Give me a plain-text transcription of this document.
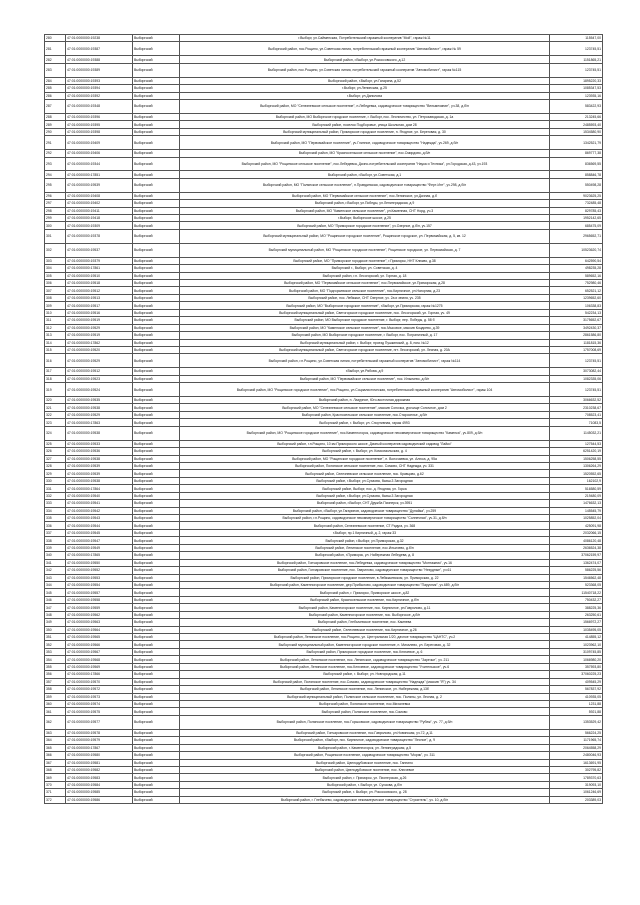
280	47:01:0000000:19238	Выборгский	г.Выборг, ул.Сайменская, Потребительский гаражный кооператив "Мой", гараж №11	115547,00
281	47:01:0000000:19387	Выборгский	Выборгский район, пос.Рощино, ул.Советская линия, потребительский гаражный кооператив "Автомобилист", гараж № 59	123745,51
282	47:01:0000000:19388	Выборгский	Выборгский район, г.Выборг, ул.Рокоссовского, д.12	1151865,21
283	47:01:0000000:19389	Выборгский	Выборгский район, пос.Рощино, ул.Советская линия, потребительский гаражный кооператив "Автомобилист", гараж №115	123745,51
284	47:01:0000000:19393	Выборгский	Выборгский район, г.Выборг, ул.Гагарина, д.52	1895220,33
285	47:01:0000000:19394	Выборгский	г.Выборг, ул.Ленинская, д.25	1085347,53
286	47:01:0000000:19392	Выборгский	г.Выборг, ул.Данилова	123935,16
287	47:01:0000000:19348	Выборгский	Выборгский район, МО "Селезневское сельское поселение", п.Лебедевка, садоводческое товарищество "Вельмезяние", уч.38, д.б/н	583422,93
288	47:01:0000000:19396	Выборгский	Выборгский район, МО Выборгское городское поселение, г. Выборг, пос. Лесничество, ул. Петрозаводская, д. 1а	213245,66
289	47:01:0000000:19395	Выборгский	Выборгский район, поселок Подборовье, улица Школьная, дом 28	2485593,40
290	47:01:0000000:19398	Выборгский	Выборгский муниципальный район, Приморское городское поселение, п. Ягодное, ул. Береговая, д. 30	1534580,90
291	47:01:0000000:19409	Выборгский	Выборгский район, МО "Первомайское поселение", уч.Глинное, садоводческое товарищество "Надежда", уч.269, д.б/н	1342521,79
292	47:01:0000000:19406	Выборгский	Выборгский район, МО "Красносельское сельское поселение", пос.Смирдово, д.б/н	869777,38
293	47:01:0000000:19344	Выборгский	Выборгский район, МО "Рощинское сельское поселение", пос.Лебедевка, Дачно-потребительский кооператив "Наука и Техника", ул.Городская, д.43, уч.193	836569,55
294	47:01:0000000:17851	Выборгский	Выборгский район, г.Выборг, ул.Советская, д.1	858846,78
295	47:01:0000000:19539	Выборгский	Выборгский район, МО "Полянское сельское поселение", п.Правдинская, садоводческое товарищество "Ферт-Инт", уч.298, д.б/н	550498,28
296	47:01:0000000:19408	Выборгский	Выборгский район, МО "Первомайское сельское поселение", пос.Ленинское, ул.Дачная, д.б	9023625,25
297	47:01:0000000:19402	Выборгский	Выборгский район, г.Выборг, ул.Победы, ул.Ленинградская, д.9	732485,48
298	47:01:0000000:19411	Выборгский	Выборгский район, МО "Каменское сельское поселение", ул.Каменная, СНТ Норд, уч.3	829785,43
299	47:01:0000000:19418	Выборгский	г.Выборг, Выборгское шоссе, д.25	1952142,65
300	47:01:0000000:19309	Выборгский	Выборгский район, МО "Приморское городское поселение", уч.Озерное, д.б/н, уч.157	685475,09
301	47:01:0000000:19378	Выборгский	Выборгский муниципальный район, МО "Рощинское городское поселение", Рощинское городское, ул. Первомайская, д. 5, кв. 12	2965652,71
302	47:01:0000000:19537	Выборгский	Выборгский муниципальный район, МО "Рощинское городское поселение", Рощинское городское, ул. Первомайская, д. 7	10523620,74
303	47:01:0000000:19379	Выборгский	Выборгский район, МО "Приморское городское поселение", г.Приморск, ННТ Клюкво, д.38	642590,54
304	47:01:0000000:17861	Выборгский	Выборгский г., Выборг, ул. Советская, д. 4	498235,28
305	47:01:0000000:19510	Выборгский	Выборгский район, г.п. Лесогорский, ул. Горная, д. 18	589652,16
306	47:01:0000000:19518	Выборгский	Выборгский район, МО "Первомайское сельское поселение", пос.Первомайское, ул.Приморская, д.28	752980,46
307	47:01:0000000:19512	Выборгский	Выборгский район, МО "Подгорьевское сельское поселение", пос.Кирпичное, ул.Нагорная, д.23	652521,12
308	47:01:0000000:19513	Выборгский	Выборгский район, пос. Лебяжье, СНТ Озерное, уч. 2а и земля, уч. 235	1239652,60
309	47:01:0000000:19517	Выборгский	Выборгский район, МО "Выборгское городское поселение", г.Выборг, ул.Приморская, гараж №1275	106338,83
310	47:01:0000000:19516	Выборгский	Выборгский муниципальный район, Светогорское городское поселение, пос. Лесогорский, ул. Горная, уч. 49	542234,13
311	47:01:0000000:19519	Выборгский	Выборгский район, МО Выборгское городское поселение, г. Выборг, пер. Победы, д. 58 б	3175652,67
312	47:01:0000000:19529	Выборгский	Выборгский район, МО "Каменское сельское поселение", пос.Мысовое, массив Коцарево, д.39	3492430,37
313	47:01:0000000:19519	Выборгский	Выборгский район, МО Выборгское городское поселение, г. Выборг, пос. Пограничный, д. 17	2861586,80
314	47:01:0000000:17862	Выборгский	Выборгский муниципальный район, г. Выборг, проезд Пушкинский, д. 8, пом. №12	1181815,36
315	47:01:0000000:19520	Выборгский	Выборгский муниципальный район, Светогорское городское поселение, пгт. Лесогорский, ул. Лесная, д. 20А	1757008,69
316	47:01:0000000:19529	Выборгский	Выборгский район, г.п.Рощино, ул.Советская линия, потребительский гаражный кооператив "Автомобилист", гараж №114	123745,51
317	47:01:0000000:19512	Выборгский	г.Выборг, ул.Рябова, д.9	3073082,44
318	47:01:0000000:19523	Выборгский	Выборгский район, МО "Первомайское сельское поселение", пос. Ильичево, д.б/н	1082335,06
319	47:01:0000000:19524	Выборгский	Выборгский район, МО "Рощинское городское поселение", пос.Рощино, ул.Социалистическая, потребительский гаражный кооператив "Автомобилист", гараж 104	123745,51
320	47:01:0000000:19535	Выборгский	Выборгский район, п. Лазурное, Юго-восточная дорожная	3066632,52
321	47:01:0000000:19538	Выборгский	Выборгский район, МО "Селезневское сельское поселение", массив Сопочка, урочище Сопочное, дом 2	2310238,67
322	47:01:0000000:19529	Выборгский	Выборгский район, Красносельское сельское поселение, пос.Староселье, д.б/н	708523,41
323	47:01:0000000:17863	Выборгский	Выборгский район, г. Выборг, ул. Спортивная, гараж 4993	71083,5
324	47:01:0000000:19538	Выборгский	Выборгский район, МО "Рощинское городское поселение", пос.Каменногорск, садоводческое некоммерческое товарищество "Каменка", уч.809, д.б/н	1145032,21
325	47:01:0000000:19533	Выборгский	Выборгский район, г.п.Рощино, 10 км Приморского шоссе, Дачный кооператив садоводческий садовод "Лайко"	127544,53
326	47:01:0000000:19536	Выборгский	Выборгский район, г. Выборг, ул. Комсомольская, д. 4	6251420,19
327	47:01:0000000:19538	Выборгский	Выборгский район, МО "Рощинское городское поселение", п. Волочаевка, ул. Алюса, д. 95а	1506258,55
328	47:01:0000000:19539	Выборгский	Выборгский район, Полянское сельское поселение, пос. Сомово, СНТ Надежда, уч. 331	1306264,29
329	47:01:0000000:19539	Выборгский	Выборгский район, Селезневское сельское поселение, пос. Кравцово, д.62	1520552,65
330	47:01:0000000:19538	Выборгский	Выборгский район, г.Выборг, ул.Сухаова, бывш.3 Загородная	162102,9
331	47:01:0000000:17864	Выборгский	Выборгский район, Выборг, пос. д. Ягодная, ул. Горка	516580,59
332	47:01:0000000:19540	Выборгский	Выборгский район, г.Выборг, ул.Сухаова, бывш.3 Загородная	219480,09
333	47:01:0000000:19541	Выборгский	Выборгский район, г.Выборг, СНТ Дружба Пионерск, уч.3951	1476632,13
334	47:01:0000000:19542	Выборгский	Выборгский район, г.Выборг, ул.Гагаринов, садоводческое товарищество "Дунайка", уч.259	145545,79
335	47:01:0000000:19543	Выборгский	Выборгский район, г.п.Рощино, садоводческое некоммерческое товарищество "Солнечная", уч.31, д.б/н	1025852,04
336	47:01:0000000:19544	Выборгский	Выборгский район, Селезневское поселение, СТ Радуга, уч. 368	425091,98
337	47:01:0000000:19545	Выборгский	г.Выборг, пр.1 Кирпичный, д. 2, гараж 33	2032066,15
338	47:01:0000000:19547	Выборгский	Выборгский район, г.Выборг, ул.Приморская, д.32	4086120,48
339	47:01:0000000:19549	Выборгский	Выборгский район, Ленинское поселение, пос.Ильичево, д.б/н	2636524,38
340	47:01:0000000:17865	Выборгский	Выборгский район, г.Приморск, ул. Набережная Лебедева, д. 8	37062159,97
341	47:01:0000000:19550	Выборгский	Выборгский район, Гончаровское поселение, пос.Лебедевка, садоводческое товарищество "Монтажник", уч.16	1362474,07
342	47:01:0000000:19552	Выборгский	Выборгский район, Гончаровское поселение, пос. Гаврилово, садоводческое товарищество "Незудные", уч.61	586225,56
343	47:01:0000000:19553	Выборгский	Выборгский район, Приморское городское поселение, в Лебяжьевском, ул. Приморская, д. 22	1546562,48
344	47:01:0000000:19554	Выборгский	Выборгский район, Каменногорское поселение, дер.Прибылово, садоводческое товарищество "Парусник", уч.689, д.б/н	523368,05
345	47:01:0000000:19557	Выборгский	Выборгский район, г. Приморск, Приморское шоссе, д.82	11540718,22
346	47:01:0000000:19558	Выборгский	Выборгский район, Красносельское поселение, пос.Кирпичное, д.б/н	750432,27
347	47:01:0000000:19559	Выборгский	Выборгский район, Каменногорское поселение, пос. Кирпичное, рп.Гаврилово, д.11	388225,36
348	47:01:0000000:19562	Выборгский	Выборгский район, Каменногорское поселение, пос. Выборгское, д.б/н	263250,61
349	47:01:0000000:19563	Выборгский	Выборгский район, Глебычевское поселение, пос. Камнева	1566972,27
350	47:01:0000000:19564	Выборгский	Выборгский район, Селезневское поселение, пос.Кирпичное, д.26	1035495,05
351	47:01:0000000:19565	Выборгский	Выборгский район, Ленинское поселение, пос.Рощино, ул. Центральная 1/20, дачное товарищество "ЦАНТС", уч.2	414855,12
352	47:01:0000000:19566	Выборгский	Выборгский муниципальный район, Каменногорское городское поселение, п. Михалево, ул. Береговая, д. 32	1023962,10
353	47:01:0000000:19567	Выборгский	Выборгский район, Приморское городское поселение, пос.Ключевое, д. 6	3109745,85
354	47:01:0000000:19568	Выборгский	Выборгский район, Ленинское поселение, пос. Ленинское, садоводческое товарищество "Заречье", уч. 211	1066980,20
355	47:01:0000000:19569	Выборгский	Выборгский район, Ленинское поселение, пос.Ключевое, садоводческое товарищество "Учительское", уч.6	357593,80
356	47:01:0000000:17866	Выборгский	Выборгский район, г. Выборг, ул. Новгородская, д.11	37060225,23
357	47:01:0000000:19570	Выборгский	Выборгский район, Полянское поселение, пос.Сомово, садоводческое товарищество "Надежда" (массив "Я") уч. 34	409545,29
358	47:01:0000000:19572	Выборгский	Выборгский район, Ленинское поселение, пос. Ленинское, ул. Набережная, д.13б	567837,92
359	47:01:0000000:19573	Выборгский	Выборгский муниципальный район, Полянское сельское поселение, пос. Поляны, ул. Лесная, д. 2	410935,05
360	47:01:0000000:19574	Выборгский	Выборгский район, Полянское поселение, пос.Михалевка	1231,88
361	47:01:0000000:19575	Выборгский	Выборгский район, Полянское поселение, пос.Сомово	5921,88
362	47:01:0000000:19577	Выборгский	Выборгский район, Полянское поселение, пос.Горьковское, садоводческое товарищество "Рубеж", уч. 77, д.б/н	1353529,42
363	47:01:0000000:19578	Выборгский	Выборгский район, Гончаровское поселение, пос.Гаврилово, ул.Новинская, уч.72, д.11	566224,25
364	47:01:0000000:19579	Выборгский	Выборгский район, г.Выборг, пос. Кирпичное, садоводческое товарищество "Лесное", д. 9	1171965,74
365	47:01:0000000:17867	Выборгский	Выборгский район, г. Каменногорск, ул. Ленинградская, д.5	2064558,29
366	47:01:0000000:19580	Выборгский	Выборгский район, Рощинское поселение, садоводческое товарищество "Моряк", уч. 311	2480046,93
367	47:01:0000000:19581	Выборгский	Выборгский район, Цвелодубовское поселение, пос. Ганнино	1613691,95
368	47:01:0000000:19582	Выборгский	Выборгский район, Цвелодубовское поселение, пос. Ключевое	302795,82
369	47:01:0000000:19583	Выборгский	Выборгский район, г. Приморск, ул. Пионерская, д.26	1789370,63
370	47:01:0000000:19584	Выборгский	Выборгский район, г. Выборг, ул. Сухаова, д.б/н	319093,10
371	47:01:0000000:19585	Выборгский	Выборгский район, г. Выборг, ул. Рокоссовского, д. 28	1061246,69
372	47:01:0000000:19586	Выборгский	Выборгский район, г. Глебычево, садоводческое некоммерческое товарищество "Строитель", уч. 10, д.б/н	203389,03
